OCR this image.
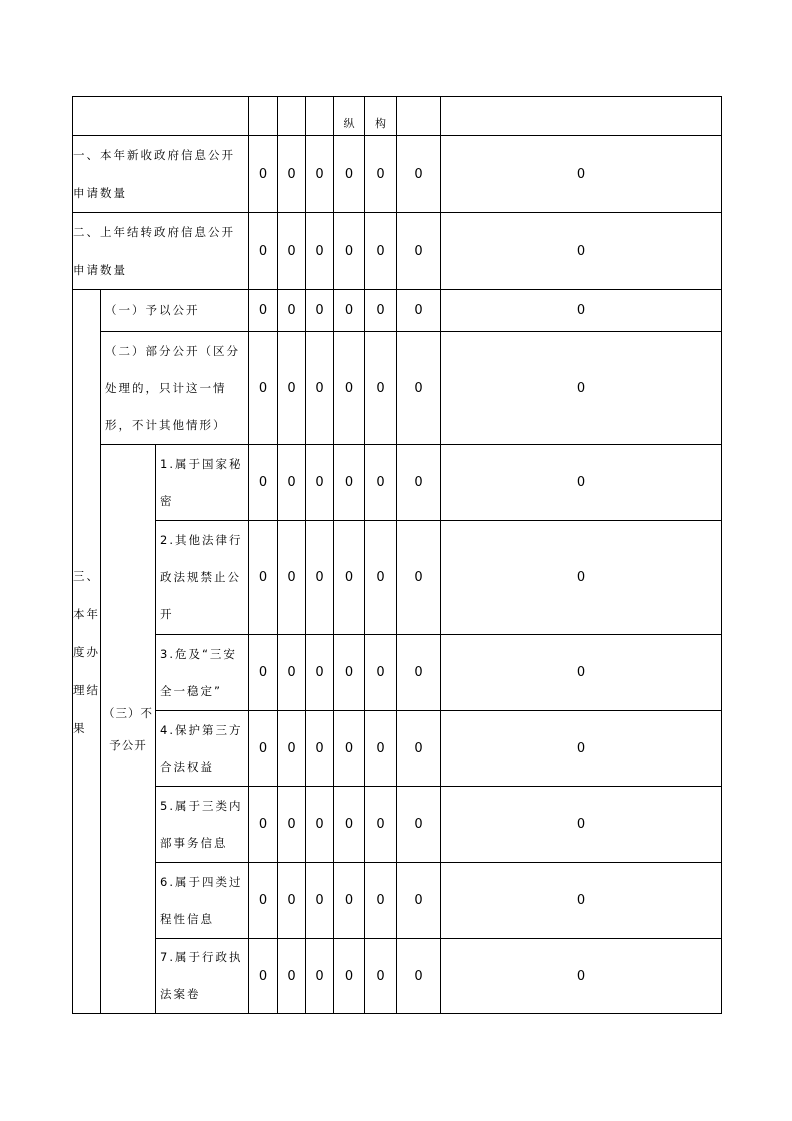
						纵	构		
一、本年新收政府信息公开申请数量			0	0	0	0	0	0	0
二、上年结转政府信息公开申请数量			0	0	0	0	0	0	0
三、本年度办理结果	（一）予以公开		0	0	0	0	0	0	0
	（二）部分公开（区分处理的，只计这一情形，不计其他情形）		0	0	0	0	0	0	0
	（三）不予公开	1.属于国家秘密	0	0	0	0	0	0	0
		2.其他法律行政法规禁止公开	0	0	0	0	0	0	0
		3.危及“三安全一稳定”	0	0	0	0	0	0	0
		4.保护第三方合法权益	0	0	0	0	0	0	0
		5.属于三类内部事务信息	0	0	0	0	0	0	0
		6.属于四类过程性信息	0	0	0	0	0	0	0
		7.属于行政执法案卷	0	0	0	0	0	0	0
